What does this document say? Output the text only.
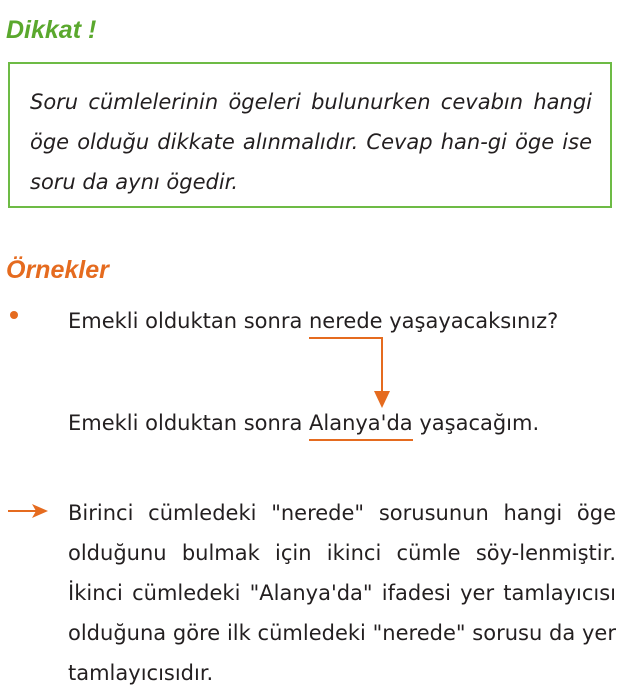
Dikkat !

Soru cümlelerinin ögeleri bulunurken cevabın hangi öge olduğu dikkate alınmalıdır. Cevap han-gi öge ise soru da aynı ögedir.

Örnekler

Emekli olduktan sonra nerede yaşayacaksınız?

Emekli olduktan sonra Alanya'da yaşacağım.

Birinci cümledeki "nerede" sorusunun hangi öge olduğunu bulmak için ikinci cümle söy-lenmiştir. İkinci cümledeki "Alanya'da" ifadesi yer tamlayıcısı olduğuna göre ilk cümledeki "nerede" sorusu da yer tamlayıcısıdır.
